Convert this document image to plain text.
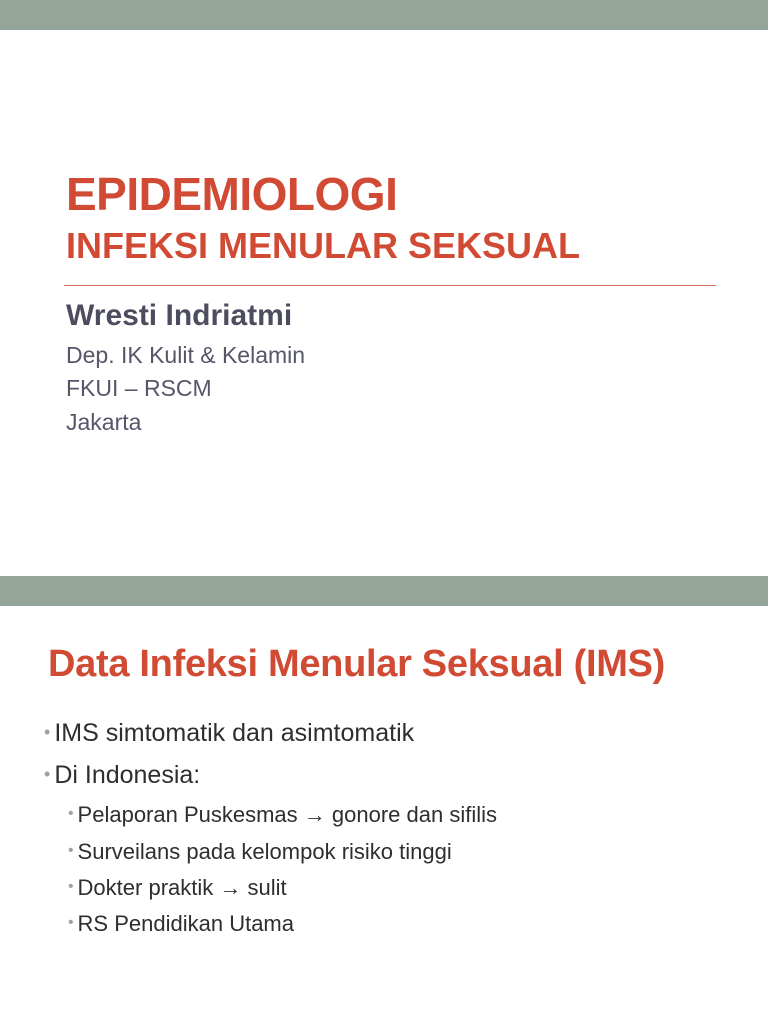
EPIDEMIOLOGI
INFEKSI MENULAR SEKSUAL
Wresti Indriatmi
Dep. IK Kulit & Kelamin
FKUI – RSCM
Jakarta
Data Infeksi Menular Seksual (IMS)
• IMS simtomatik dan asimtomatik
• Di Indonesia:
• Pelaporan Puskesmas → gonore dan sifilis
• Surveilans pada kelompok risiko tinggi
• Dokter praktik → sulit
• RS Pendidikan Utama
